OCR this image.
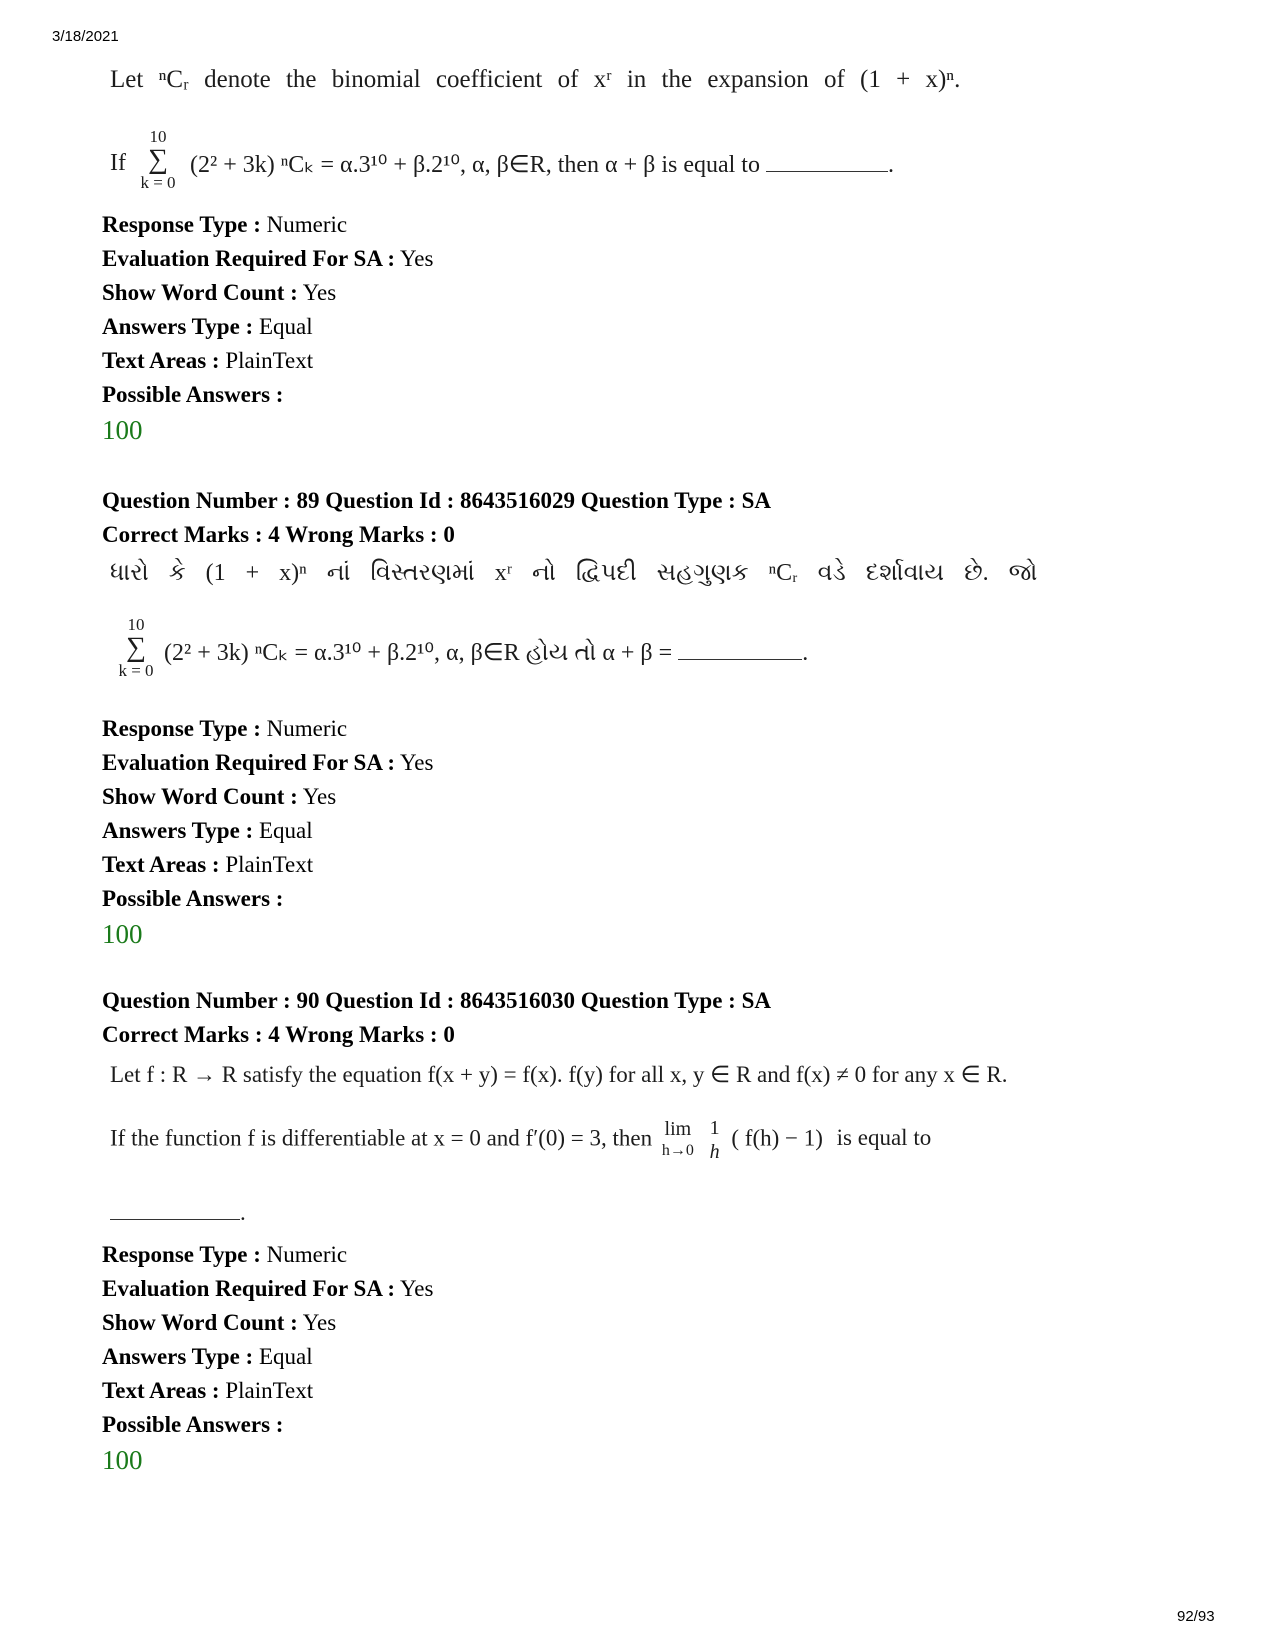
3/18/2021
Let ⁿCᵣ denote the binomial coefficient of xʳ in the expansion of (1 + x)ⁿ.
If
10
∑
k = 0
(2² + 3k) ⁿCₖ = α.3¹⁰ + β.2¹⁰, α, β∈R, then α + β is equal to	.
Response Type : Numeric
Evaluation Required For SA : Yes
Show Word Count : Yes
Answers Type : Equal
Text Areas : PlainText
Possible Answers :
100
Question Number : 89 Question Id : 8643516029 Question Type : SA
Correct Marks : 4 Wrong Marks : 0
ધારો કે (1 + x)ⁿ નાં વિસ્તરણમાં xʳ નો દ્વિપદી સહગુણક ⁿCᵣ વડે દર્શાવાય છે. જો
10
∑
k = 0
(2² + 3k) ⁿCₖ = α.3¹⁰ + β.2¹⁰, α, β∈R હોય તો α + β =	.
Response Type : Numeric
Evaluation Required For SA : Yes
Show Word Count : Yes
Answers Type : Equal
Text Areas : PlainText
Possible Answers :
100
Question Number : 90 Question Id : 8643516030 Question Type : SA
Correct Marks : 4 Wrong Marks : 0
Let f : R → R satisfy the equation f(x + y) = f(x). f(y) for all x, y ∈ R and f(x) ≠ 0 for any x ∈ R.
If the function f is differentiable at x = 0 and f′(0) = 3, then lim
h→0

1
h
( f(h) − 1) is equal to
.
Response Type : Numeric
Evaluation Required For SA : Yes
Show Word Count : Yes
Answers Type : Equal
Text Areas : PlainText
Possible Answers :
100
92/93
